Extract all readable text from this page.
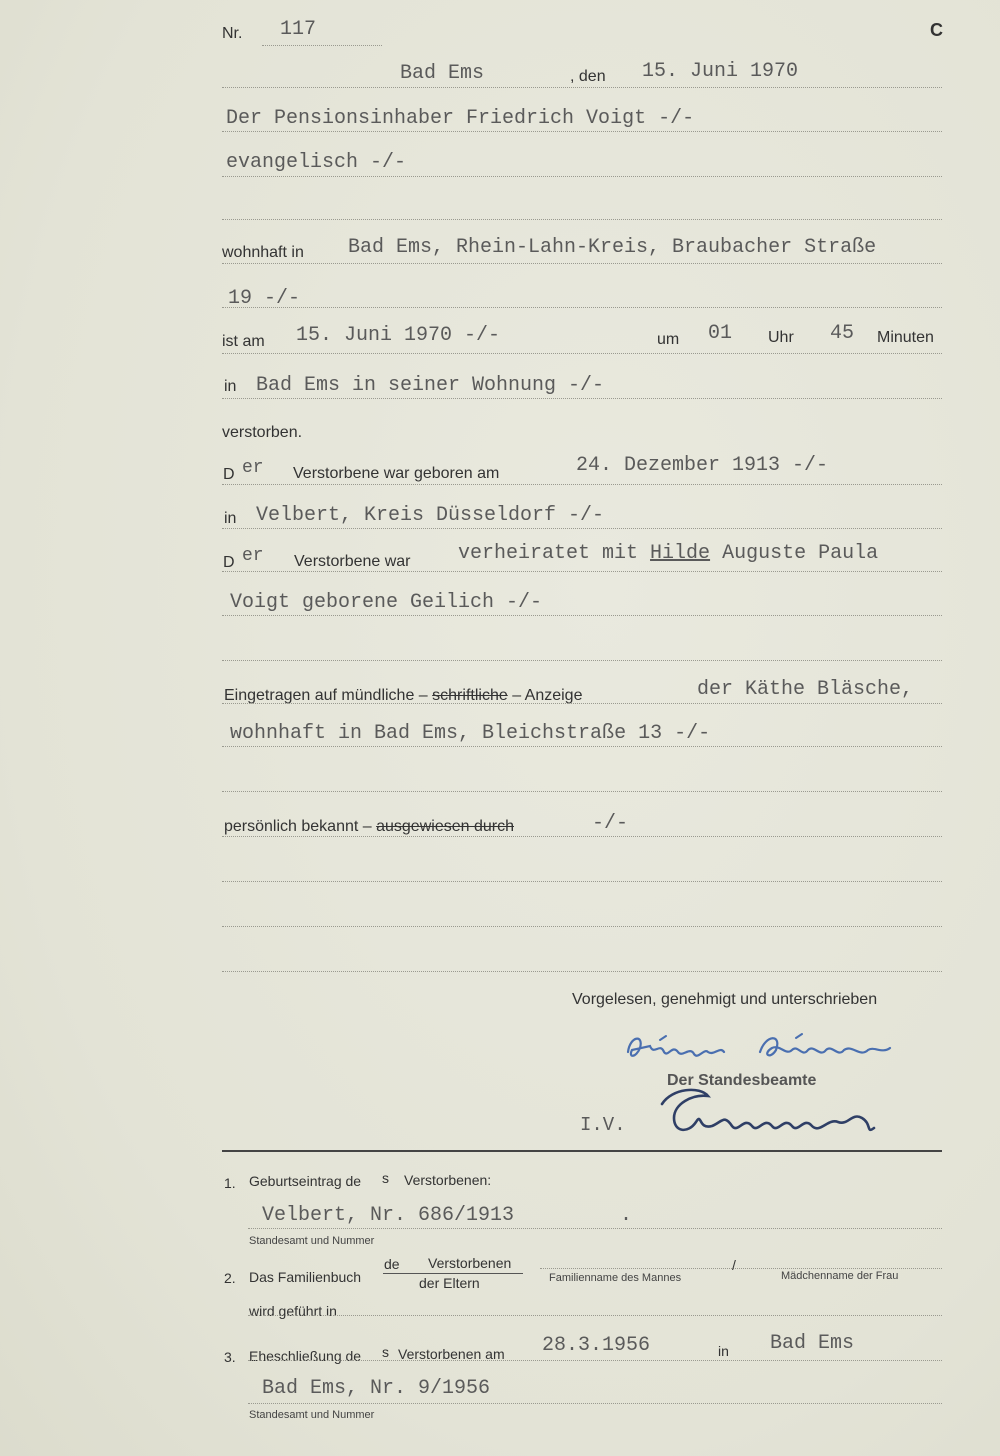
Nr. 117	C
Bad Ems	, den 15. Juni 1970
Der Pensionsinhaber Friedrich Voigt -/-
evangelisch -/-
wohnhaft in Bad Ems, Rhein-Lahn-Kreis, Braubacher Straße
19 -/-
ist am 15. Juni 1970 -/-	um 01 Uhr 45 Minuten
in Bad Ems in seiner Wohnung -/-
verstorben.
D er Verstorbene war geboren am	24. Dezember 1913 -/-
in Velbert, Kreis Düsseldorf -/-
D er Verstorbene war verheiratet mit Hilde Auguste Paula
Voigt geborene Geilich -/-
Eingetragen auf mündliche – schriftliche – Anzeige	der Käthe Bläsche,
wohnhaft in Bad Ems, Bleichstraße 13 -/-
persönlich bekannt – ausgewiesen durch	-/-
Vorgelesen, genehmigt und unterschrieben
Der Standesbeamte
I.V.
1. Geburtseintrag de s Verstorbenen:
Velbert, Nr. 686/1913	.
Standesamt und Nummer
de Verstorbenen
2. Das Familienbuch	der Eltern	Familienname des Mannes
/
Mädchenname der Frau
wird geführt in
3. Eheschließung de s Verstorbenen am 28.3.1956	in Bad Ems
Bad Ems, Nr. 9/1956
Standesamt und Nummer
